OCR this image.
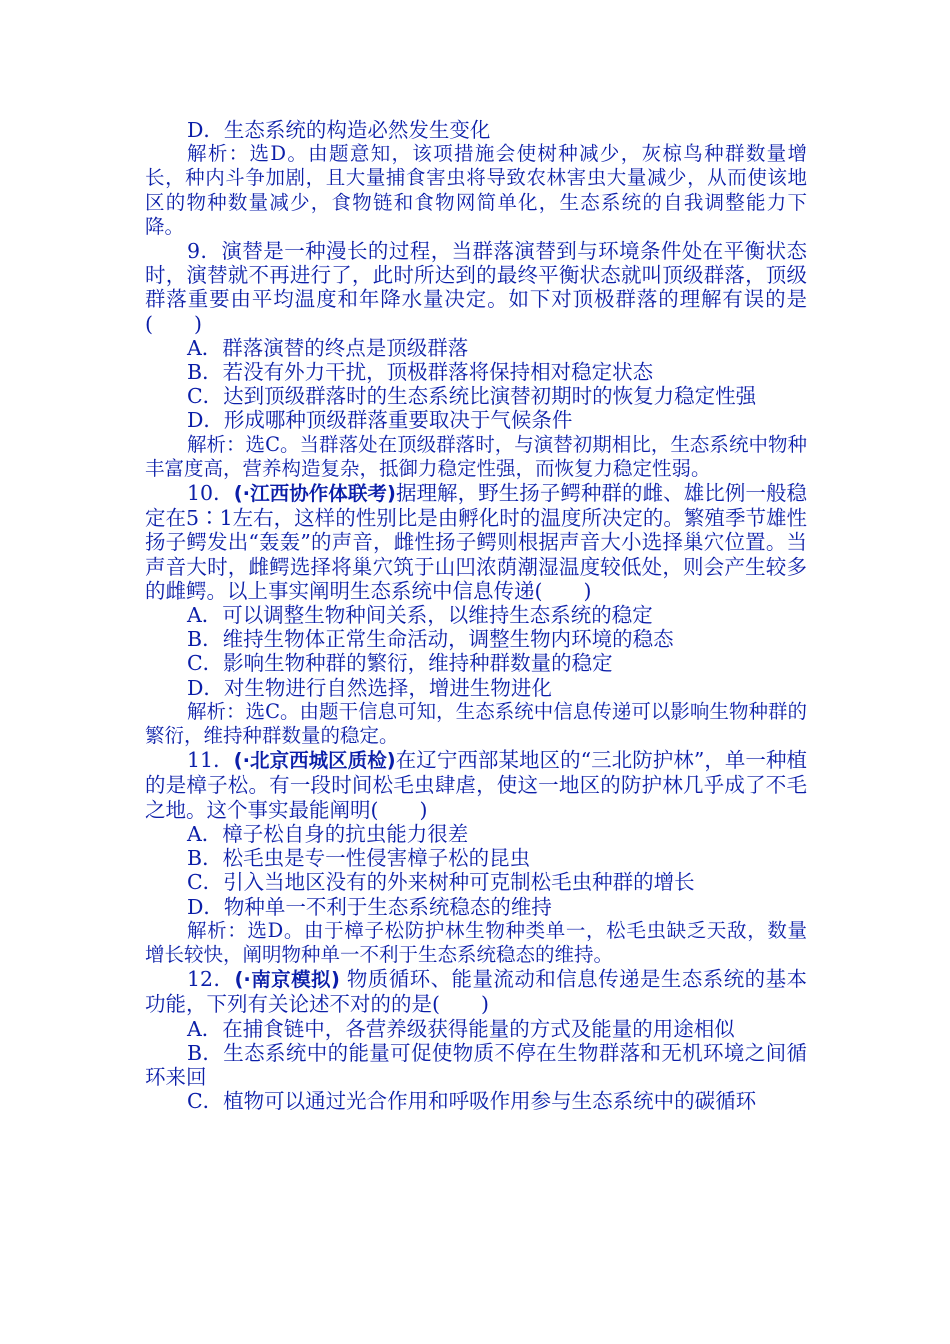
D．生态系统的构造必然发生变化

解析：选D。由题意知，该项措施会使树种减少，灰椋鸟种群数量增长，种内斗争加剧，且大量捕食害虫将导致农林害虫大量减少，从而使该地区的物种数量减少，食物链和食物网简单化，生态系统的自我调整能力下降。

9．演替是一种漫长的过程，当群落演替到与环境条件处在平衡状态时，演替就不再进行了，此时所达到的最终平衡状态就叫顶级群落，顶级群落重要由平均温度和年降水量决定。如下对顶极群落的理解有误的是(　　)

A．群落演替的终点是顶级群落

B．若没有外力干扰，顶极群落将保持相对稳定状态

C．达到顶级群落时的生态系统比演替初期时的恢复力稳定性强

D．形成哪种顶级群落重要取决于气候条件

解析：选C。当群落处在顶级群落时，与演替初期相比，生态系统中物种丰富度高，营养构造复杂，抵御力稳定性强，而恢复力稳定性弱。

10．(·江西协作体联考)据理解，野生扬子鳄种群的雌、雄比例一般稳定在5∶1左右，这样的性别比是由孵化时的温度所决定的。繁殖季节雄性扬子鳄发出“轰轰”的声音，雌性扬子鳄则根据声音大小选择巢穴位置。当声音大时，雌鳄选择将巢穴筑于山凹浓荫潮湿温度较低处，则会产生较多的雌鳄。以上事实阐明生态系统中信息传递(　　)

A．可以调整生物种间关系，以维持生态系统的稳定

B．维持生物体正常生命活动，调整生物内环境的稳态

C．影响生物种群的繁衍，维持种群数量的稳定

D．对生物进行自然选择，增进生物进化

解析：选C。由题干信息可知，生态系统中信息传递可以影响生物种群的繁衍，维持种群数量的稳定。

11．(·北京西城区质检)在辽宁西部某地区的“三北防护林”，单一种植的是樟子松。有一段时间松毛虫肆虐，使这一地区的防护林几乎成了不毛之地。这个事实最能阐明(　　)

A．樟子松自身的抗虫能力很差

B．松毛虫是专一性侵害樟子松的昆虫

C．引入当地区没有的外来树种可克制松毛虫种群的增长

D．物种单一不利于生态系统稳态的维持

解析：选D。由于樟子松防护林生物种类单一，松毛虫缺乏天敌，数量增长较快，阐明物种单一不利于生态系统稳态的维持。

12．(·南京模拟) 物质循环、能量流动和信息传递是生态系统的基本功能，下列有关论述不对的的是(　　)

A．在捕食链中，各营养级获得能量的方式及能量的用途相似

B．生态系统中的能量可促使物质不停在生物群落和无机环境之间循环来回

C．植物可以通过光合作用和呼吸作用参与生态系统中的碳循环
